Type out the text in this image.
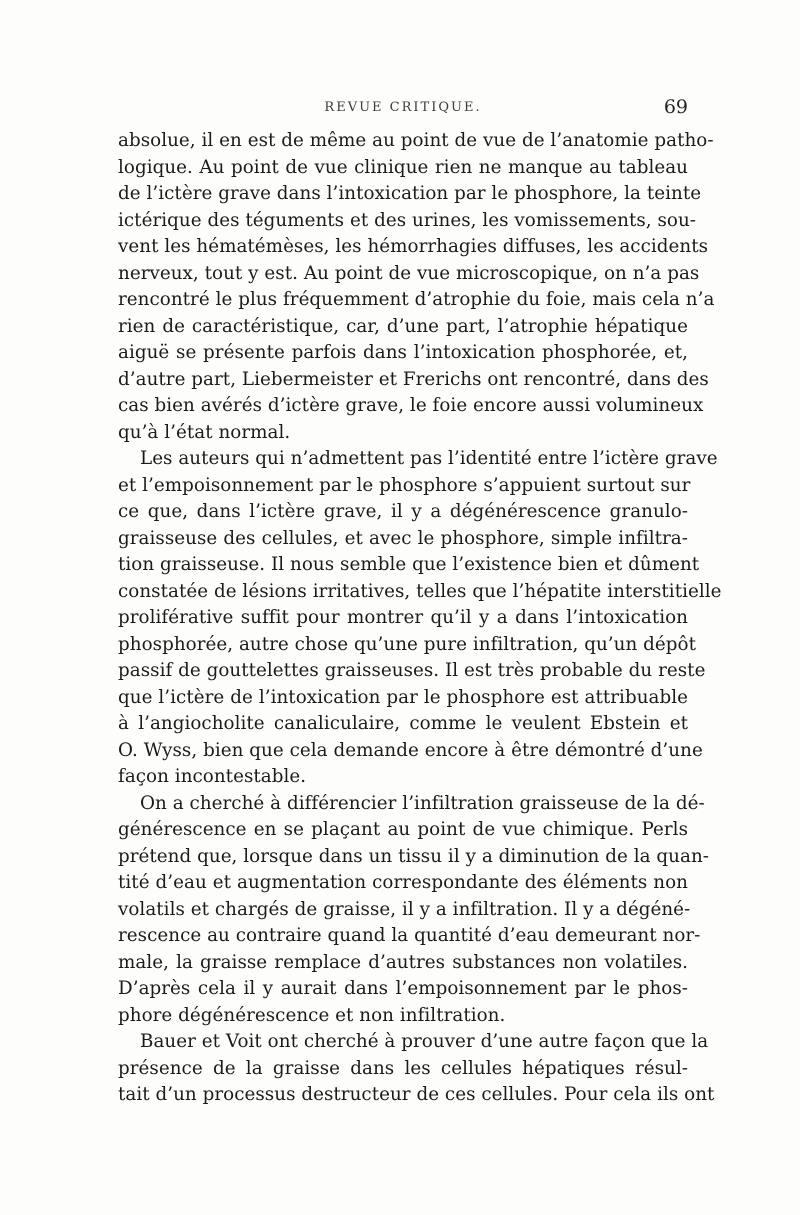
REVUE CRITIQUE.	69
absolue, il en est de même au point de vue de l’anatomie patho-
logique. Au point de vue clinique rien ne manque au tableau
de l’ictère grave dans l’intoxication par le phosphore, la teinte
ictérique des téguments et des urines, les vomissements, sou-
vent les hématémèses, les hémorrhagies diffuses, les accidents
nerveux, tout y est. Au point de vue microscopique, on n’a pas
rencontré le plus fréquemment d’atrophie du foie, mais cela n’a
rien de caractéristique, car, d’une part, l’atrophie hépatique
aiguë se présente parfois dans l’intoxication phosphorée, et,
d’autre part, Liebermeister et Frerichs ont rencontré, dans des
cas bien avérés d’ictère grave, le foie encore aussi volumineux
qu’à l’état normal.
Les auteurs qui n’admettent pas l’identité entre l’ictère grave
et l’empoisonnement par le phosphore s’appuient surtout sur
ce que, dans l’ictère grave, il y a dégénérescence granulo-
graisseuse des cellules, et avec le phosphore, simple infiltra-
tion graisseuse. Il nous semble que l’existence bien et dûment
constatée de lésions irritatives, telles que l’hépatite interstitielle
proliférative suffit pour montrer qu’il y a dans l’intoxication
phosphorée, autre chose qu’une pure infiltration, qu’un dépôt
passif de gouttelettes graisseuses. Il est très probable du reste
que l’ictère de l’intoxication par le phosphore est attribuable
à l’angiocholite canaliculaire, comme le veulent Ebstein et
O. Wyss, bien que cela demande encore à être démontré d’une
façon incontestable.
On a cherché à différencier l’infiltration graisseuse de la dé-
générescence en se plaçant au point de vue chimique. Perls
prétend que, lorsque dans un tissu il y a diminution de la quan-
tité d’eau et augmentation correspondante des éléments non
volatils et chargés de graisse, il y a infiltration. Il y a dégéné-
rescence au contraire quand la quantité d’eau demeurant nor-
male, la graisse remplace d’autres substances non volatiles.
D’après cela il y aurait dans l’empoisonnement par le phos-
phore dégénérescence et non infiltration.
Bauer et Voit ont cherché à prouver d’une autre façon que la
présence de la graisse dans les cellules hépatiques résul-
tait d’un processus destructeur de ces cellules. Pour cela ils ont
